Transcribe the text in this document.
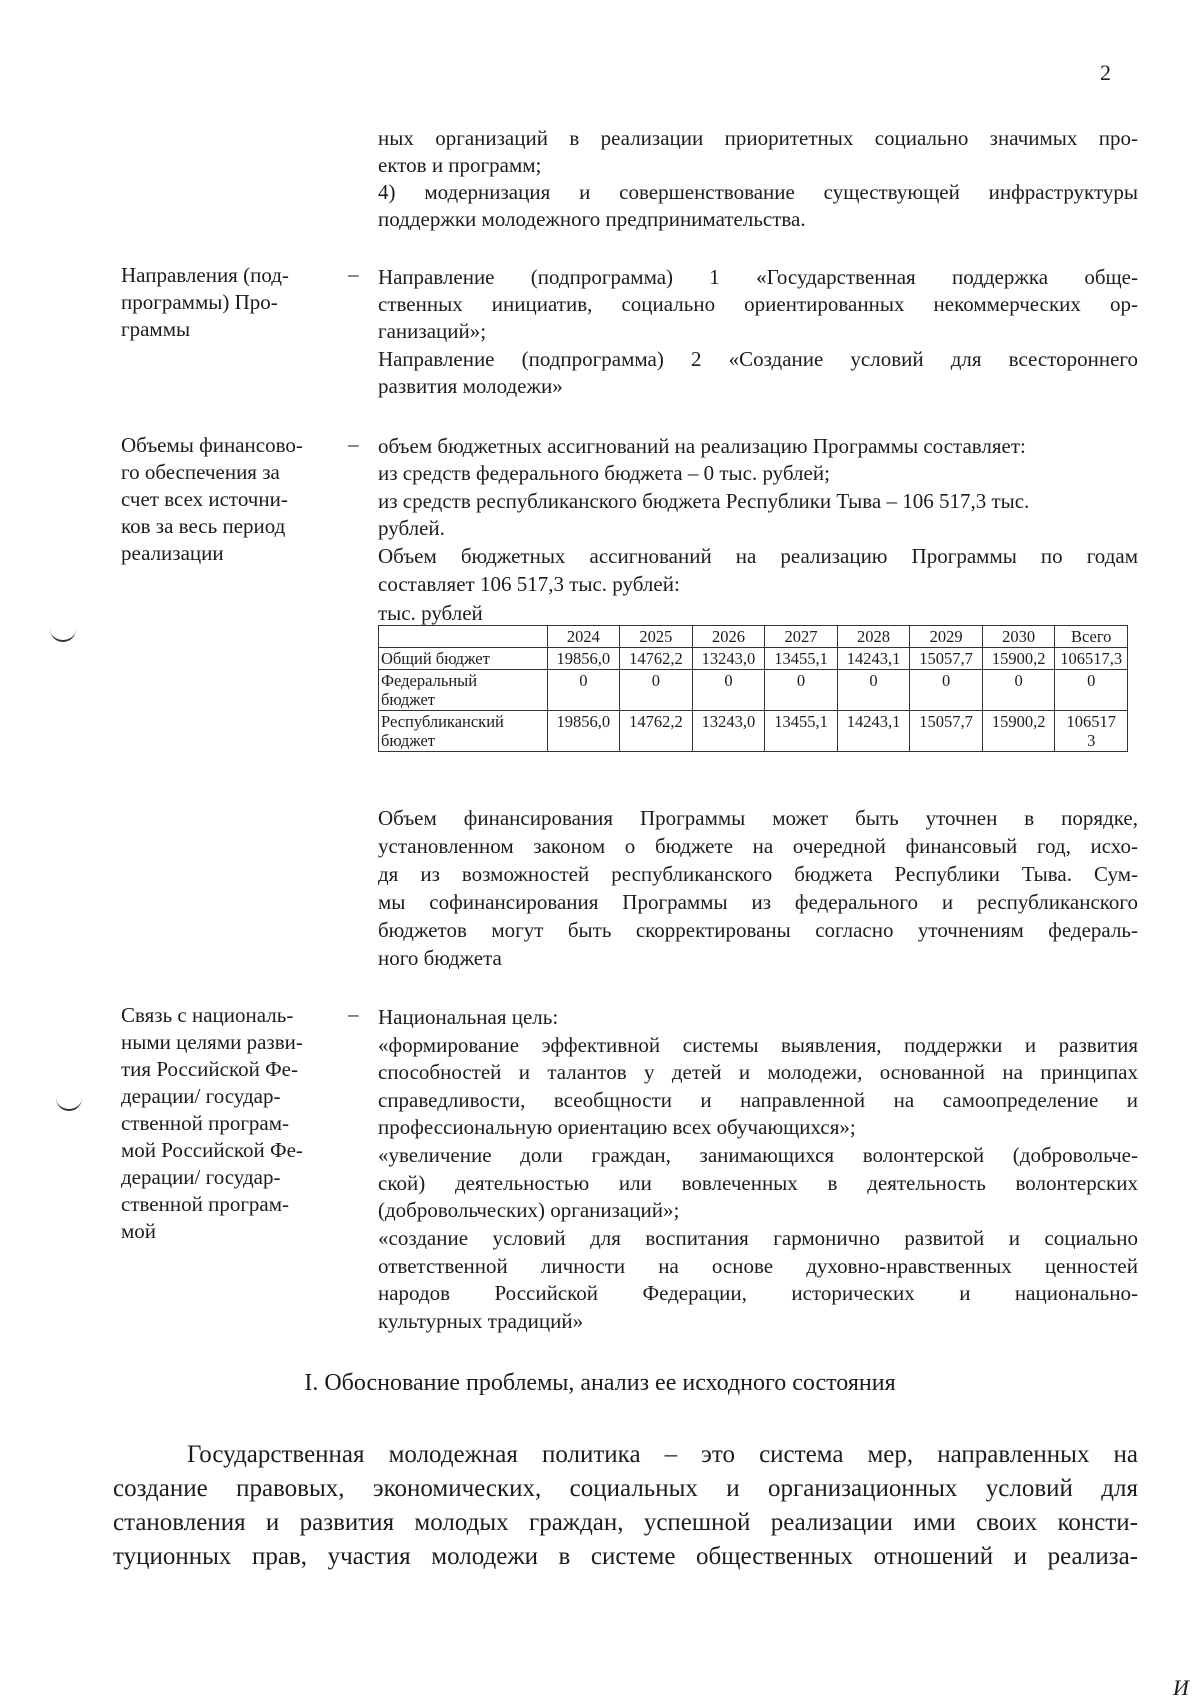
2
ных организаций в реализации приоритетных социально значимых про-
ектов и программ;
4) модернизация и совершенствование существующей инфраструктуры
поддержки молодежного предпринимательства.
Направления (под-
программы) Про-
граммы
– Направление (подпрограмма) 1 «Государственная поддержка обще-
ственных инициатив, социально ориентированных некоммерческих ор-
ганизаций»;
Направление (подпрограмма) 2 «Создание условий для всестороннего
развития молодежи»
Объемы финансово-
го обеспечения за
счет всех источни-
ков за весь период
реализации
– объем бюджетных ассигнований на реализацию Программы составляет:
из средств федерального бюджета – 0 тыс. рублей;
из средств республиканского бюджета Республики Тыва – 106 517,3 тыс.
рублей.
Объем бюджетных ассигнований на реализацию Программы по годам
составляет 106 517,3 тыс. рублей:
тыс. рублей
	2024	2025	2026	2027	2028	2029	2030	Всего
Общий бюджет	19856,0	14762,2	13243,0	13455,1	14243,1	15057,7	15900,2	106517,3
Федеральный
бюджет	0	0	0	0	0	0	0	0
Республиканский
бюджет	19856,0	14762,2	13243,0	13455,1	14243,1	15057,7	15900,2	106517
3
Объем финансирования Программы может быть уточнен в порядке,
установленном законом о бюджете на очередной финансовый год, исхо-
дя из возможностей республиканского бюджета Республики Тыва. Сум-
мы софинансирования Программы из федерального и республиканского
бюджетов могут быть скорректированы согласно уточнениям федераль-
ного бюджета
Связь с националь-
ными целями разви-
тия Российской Фе-
дерации/ государ-
ственной програм-
мой Российской Фе-
дерации/ государ-
ственной програм-
мой
– Национальная цель:
«формирование эффективной системы выявления, поддержки и развития
способностей и талантов у детей и молодежи, основанной на принципах
справедливости, всеобщности и направленной на самоопределение и
профессиональную ориентацию всех обучающихся»;
«увеличение доли граждан, занимающихся волонтерской (добровольче-
ской) деятельностью или вовлеченных в деятельность волонтерских
(добровольческих) организаций»;
«создание условий для воспитания гармонично развитой и социально
ответственной личности на основе духовно-нравственных ценностей
народов Российской Федерации, исторических и национально-
культурных традиций»
I. Обоснование проблемы, анализ ее исходного состояния
Государственная молодежная политика – это система мер, направленных на
создание правовых, экономических, социальных и организационных условий для
становления и развития молодых граждан, успешной реализации ими своих консти-
туционных прав, участия молодежи в системе общественных отношений и реализа-
И
